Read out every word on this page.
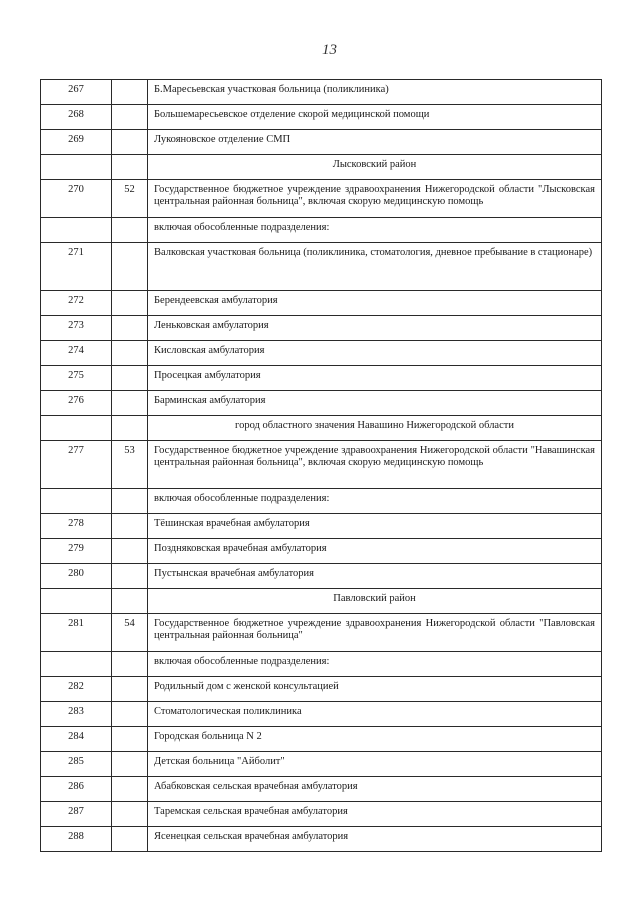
13
267		Б.Маресьевская участковая больница (поликлиника)
268		Большемаресьевское отделение скорой медицинской помощи
269		Лукояновское отделение СМП
		Лысковский район
270	52	Государственное бюджетное учреждение здравоохранения Нижегородской области "Лысковская центральная районная больница", включая скорую медицинскую помощь
		включая обособленные подразделения:
271		Валковская участковая больница (поликлиника, стоматология, дневное пребывание в стационаре)
272		Берендеевская амбулатория
273		Леньковская амбулатория
274		Кисловская амбулатория
275		Просецкая амбулатория
276		Барминская амбулатория
		город областного значения Навашино Нижегородской области
277	53	Государственное бюджетное учреждение здравоохранения Нижегородской области "Навашинская центральная районная больница", включая скорую медицинскую помощь
		включая обособленные подразделения:
278		Тёшинская врачебная амбулатория
279		Поздняковская врачебная амбулатория
280		Пустынская врачебная амбулатория
		Павловский район
281	54	Государственное бюджетное учреждение здравоохранения Нижегородской области "Павловская центральная районная больница"
		включая обособленные подразделения:
282		Родильный дом с женской консультацией
283		Стоматологическая поликлиника
284		Городская больница N 2
285		Детская больница "Айболит"
286		Абабковская сельская врачебная амбулатория
287		Таремская сельская врачебная амбулатория
288		Ясенецкая сельская врачебная амбулатория
